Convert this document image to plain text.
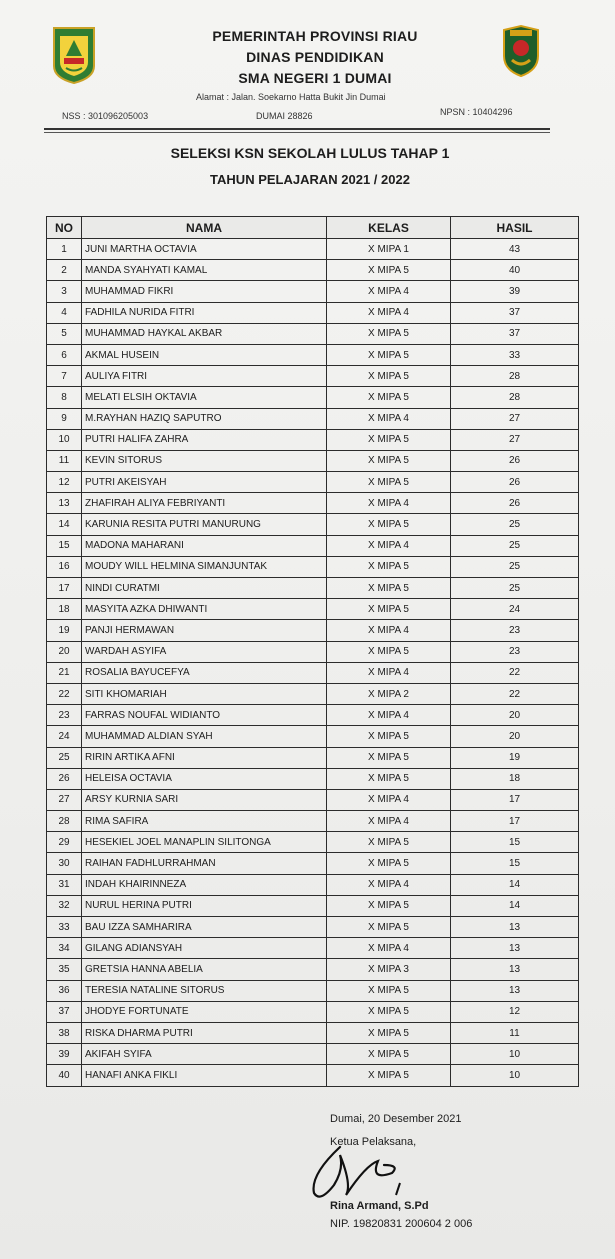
PEMERINTAH PROVINSI RIAU
DINAS PENDIDIKAN
SMA NEGERI 1 DUMAI
Alamat : Jalan. Soekarno Hatta Bukit Jin Dumai
NSS : 301096205003	DUMAI 28826	NPSN : 10404296
SELEKSI KSN SEKOLAH LULUS TAHAP 1
TAHUN PELAJARAN 2021 / 2022
NO	NAMA	KELAS	HASIL
1	JUNI MARTHA OCTAVIA	X MIPA 1	43
2	MANDA SYAHYATI KAMAL	X MIPA 5	40
3	MUHAMMAD FIKRI	X MIPA 4	39
4	FADHILA NURIDA FITRI	X MIPA 4	37
5	MUHAMMAD HAYKAL AKBAR	X MIPA 5	37
6	AKMAL HUSEIN	X MIPA 5	33
7	AULIYA FITRI	X MIPA 5	28
8	MELATI ELSIH OKTAVIA	X MIPA 5	28
9	M.RAYHAN HAZIQ SAPUTRO	X MIPA 4	27
10	PUTRI HALIFA ZAHRA	X MIPA 5	27
11	KEVIN SITORUS	X MIPA 5	26
12	PUTRI AKEISYAH	X MIPA 5	26
13	ZHAFIRAH ALIYA FEBRIYANTI	X MIPA 4	26
14	KARUNIA RESITA PUTRI MANURUNG	X MIPA 5	25
15	MADONA MAHARANI	X MIPA 4	25
16	MOUDY WILL HELMINA SIMANJUNTAK	X MIPA 5	25
17	NINDI CURATMI	X MIPA 5	25
18	MASYITA AZKA DHIWANTI	X MIPA 5	24
19	PANJI HERMAWAN	X MIPA 4	23
20	WARDAH ASYIFA	X MIPA 5	23
21	ROSALIA BAYUCEFYA	X MIPA 4	22
22	SITI KHOMARIAH	X MIPA 2	22
23	FARRAS NOUFAL WIDIANTO	X MIPA 4	20
24	MUHAMMAD ALDIAN SYAH	X MIPA 5	20
25	RIRIN ARTIKA AFNI	X MIPA 5	19
26	HELEISA OCTAVIA	X MIPA 5	18
27	ARSY KURNIA SARI	X MIPA 4	17
28	RIMA SAFIRA	X MIPA 4	17
29	HESEKIEL JOEL MANAPLIN SILITONGA	X MIPA 5	15
30	RAIHAN FADHLURRAHMAN	X MIPA 5	15
31	INDAH KHAIRINNEZA	X MIPA 4	14
32	NURUL HERINA PUTRI	X MIPA 5	14
33	BAU IZZA SAMHARIRA	X MIPA 5	13
34	GILANG ADIANSYAH	X MIPA 4	13
35	GRETSIA HANNA ABELIA	X MIPA 3	13
36	TERESIA NATALINE SITORUS	X MIPA 5	13
37	JHODYE FORTUNATE	X MIPA 5	12
38	RISKA DHARMA PUTRI	X MIPA 5	11
39	AKIFAH SYIFA	X MIPA 5	10
40	HANAFI ANKA FIKLI	X MIPA 5	10
Dumai, 20 Desember 2021
Ketua Pelaksana,
Rina Armand, S.Pd
NIP. 19820831 200604 2 006
